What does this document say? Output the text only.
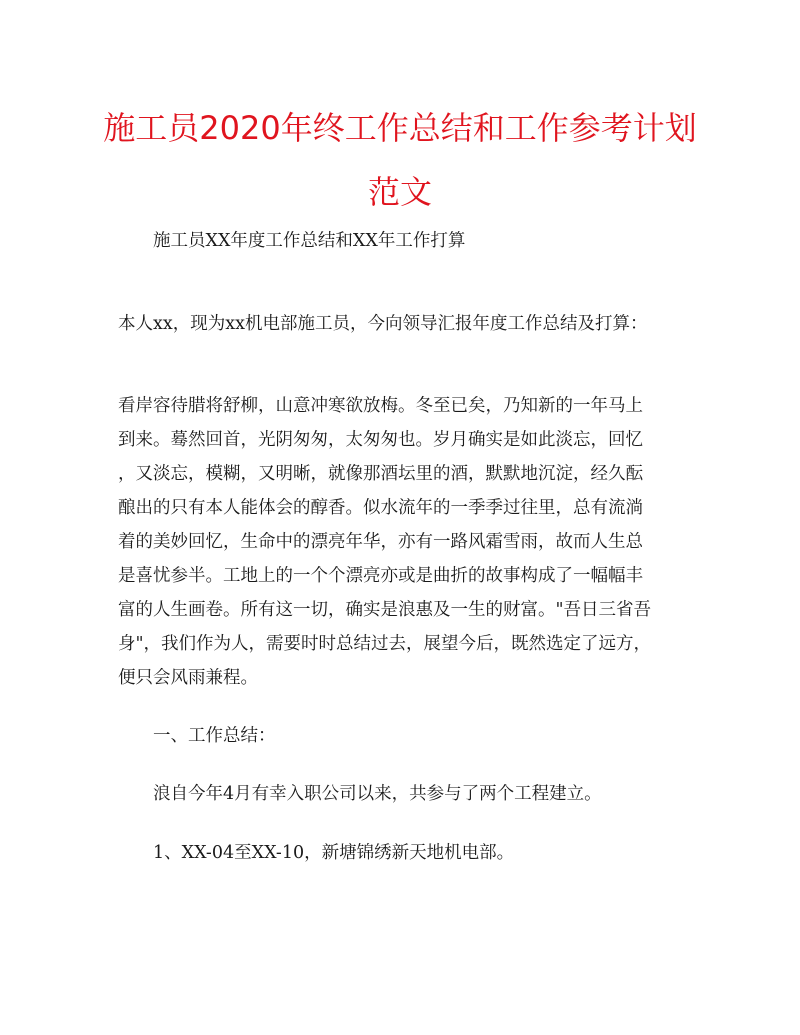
施工员2020年终工作总结和工作参考计划
范文
施工员XX年度工作总结和XX年工作打算
本人xx，现为xx机电部施工员，今向领导汇报年度工作总结及打算：
看岸容待腊将舒柳，山意冲寒欲放梅。冬至已矣，乃知新的一年马上
到来。蓦然回首，光阴匆匆，太匆匆也。岁月确实是如此淡忘，回忆
，又淡忘，模糊，又明晰，就像那酒坛里的酒，默默地沉淀，经久酝
酿出的只有本人能体会的醇香。似水流年的一季季过往里，总有流淌
着的美妙回忆，生命中的漂亮年华，亦有一路风霜雪雨，故而人生总
是喜忧参半。工地上的一个个漂亮亦或是曲折的故事构成了一幅幅丰
富的人生画卷。所有这一切，确实是浪惠及一生的财富。"吾日三省吾
身"，我们作为人，需要时时总结过去，展望今后，既然选定了远方，
便只会风雨兼程。
一、工作总结：
浪自今年4月有幸入职公司以来，共参与了两个工程建立。
1、XX-04至XX-10，新塘锦绣新天地机电部。
